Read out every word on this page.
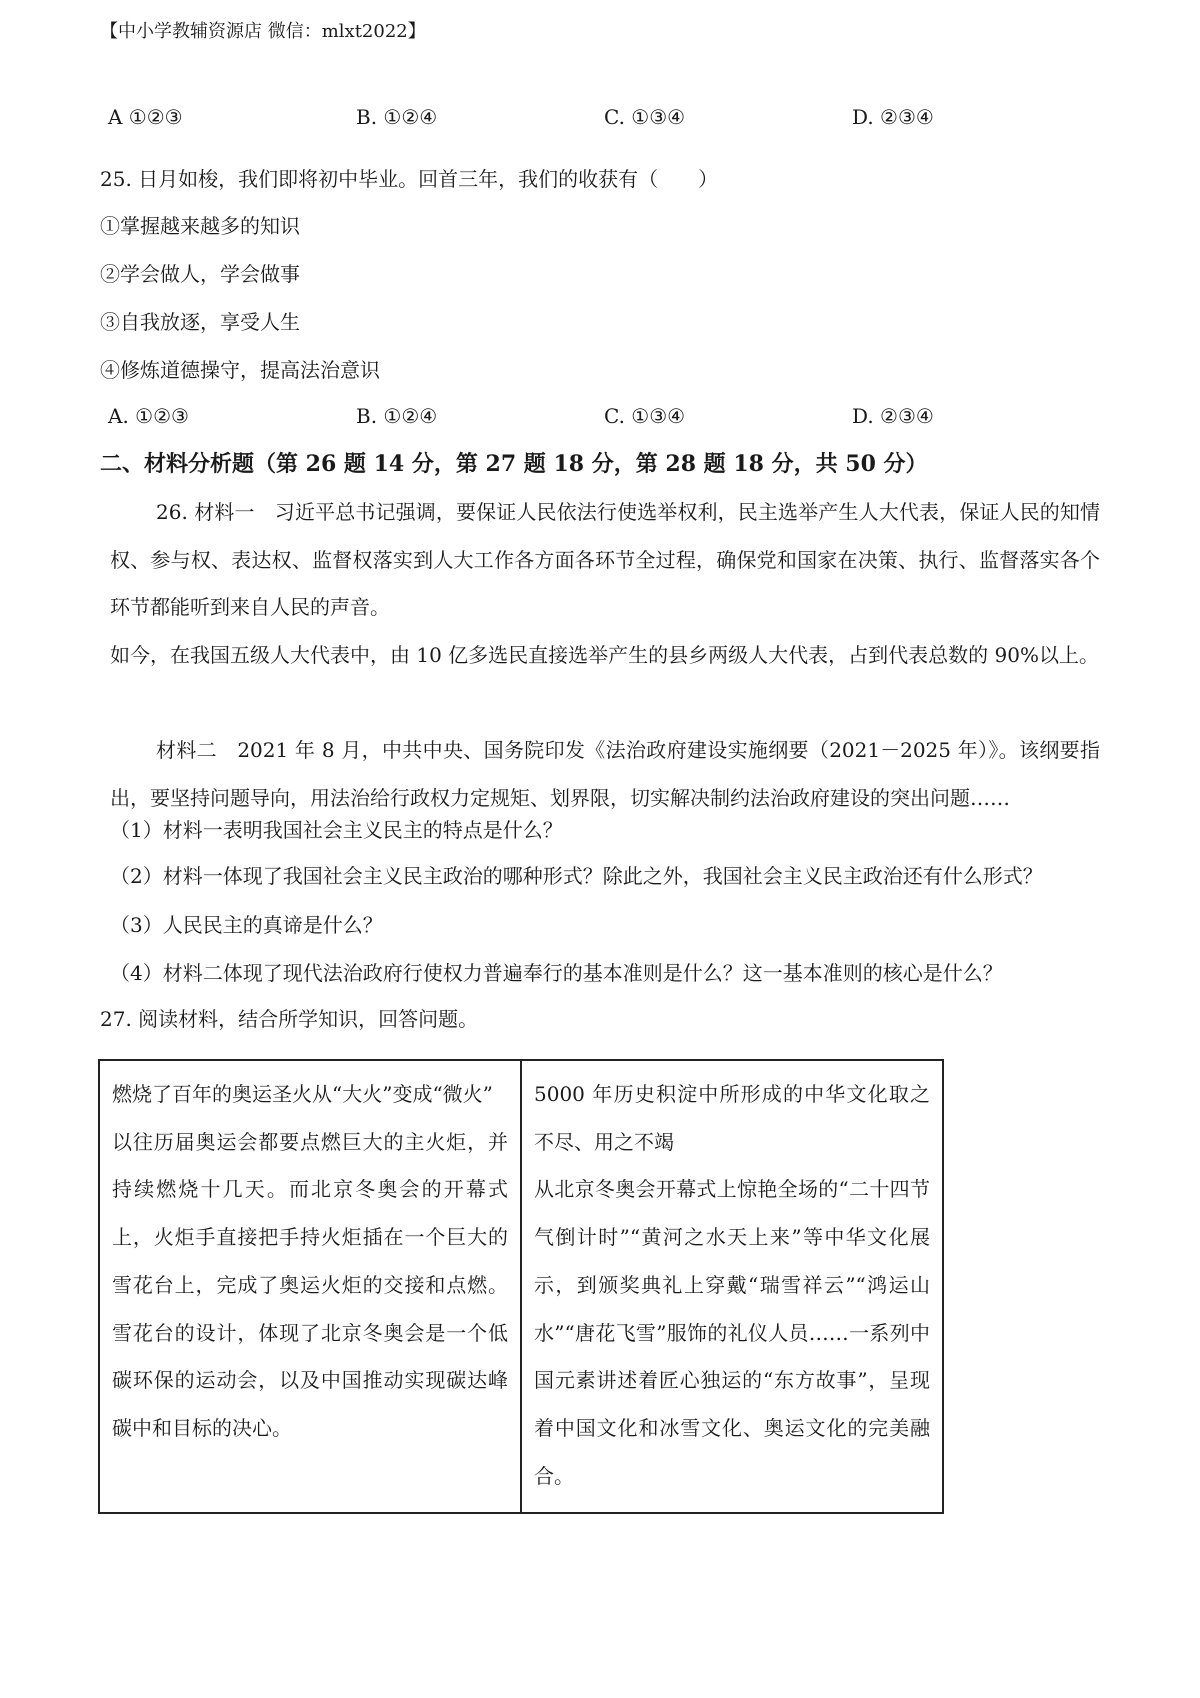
【中小学教辅资源店 微信：mlxt2022】
A ①②③	B. ①②④	C. ①③④	D. ②③④
25. 日月如梭，我们即将初中毕业。回首三年，我们的收获有（　　）
①掌握越来越多的知识
②学会做人，学会做事
③自我放逐，享受人生
④修炼道德操守，提高法治意识
A. ①②③	B. ①②④	C. ①③④	D. ②③④
二、材料分析题（第 26 题 14 分，第 27 题 18 分，第 28 题 18 分，共 50 分）
26. 材料一　习近平总书记强调，要保证人民依法行使选举权利，民主选举产生人大代表，保证人民的知情权、参与权、表达权、监督权落实到人大工作各方面各环节全过程，确保党和国家在决策、执行、监督落实各个环节都能听到来自人民的声音。
如今，在我国五级人大代表中，由 10 亿多选民直接选举产生的县乡两级人大代表，占到代表总数的 90%以上。
材料二　2021 年 8 月，中共中央、国务院印发《法治政府建设实施纲要（2021－2025 年）》。该纲要指出，要坚持问题导向，用法治给行政权力定规矩、划界限，切实解决制约法治政府建设的突出问题……
（1）材料一表明我国社会主义民主的特点是什么？
（2）材料一体现了我国社会主义民主政治的哪种形式？除此之外，我国社会主义民主政治还有什么形式？
（3）人民民主的真谛是什么？
（4）材料二体现了现代法治政府行使权力普遍奉行的基本准则是什么？这一基本准则的核心是什么？
27. 阅读材料，结合所学知识，回答问题。
燃烧了百年的奥运圣火从“大火”变成“微火”
以往历届奥运会都要点燃巨大的主火炬，并持续燃烧十几天。而北京冬奥会的开幕式上，火炬手直接把手持火炬插在一个巨大的雪花台上，完成了奥运火炬的交接和点燃。雪花台的设计，体现了北京冬奥会是一个低碳环保的运动会，以及中国推动实现碳达峰碳中和目标的决心。

5000 年历史积淀中所形成的中华文化取之不尽、用之不竭
从北京冬奥会开幕式上惊艳全场的“二十四节气倒计时”“黄河之水天上来”等中华文化展示，到颁奖典礼上穿戴“瑞雪祥云”“鸿运山水”“唐花飞雪”服饰的礼仪人员……一系列中国元素讲述着匠心独运的“东方故事”，呈现着中国文化和冰雪文化、奥运文化的完美融合。
